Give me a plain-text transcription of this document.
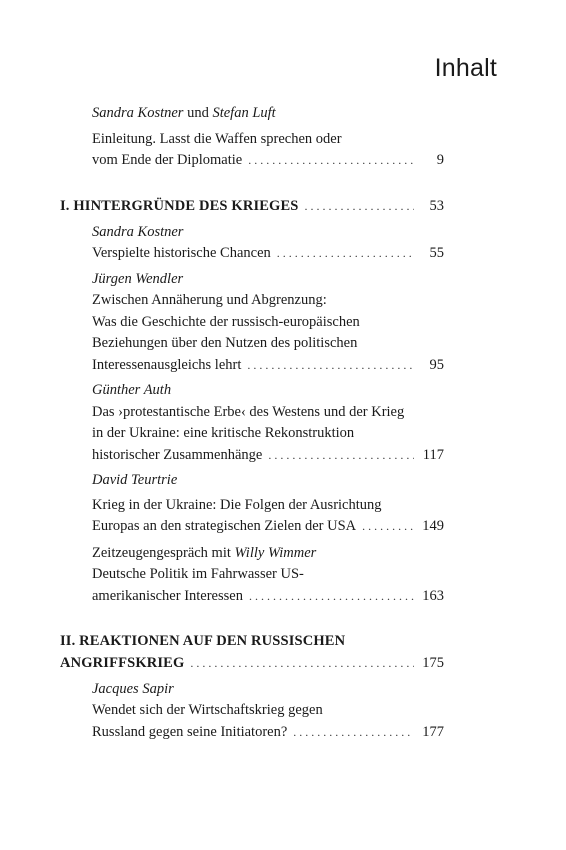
Inhalt
Sandra Kostner und Stefan Luft
Einleitung. Lasst die Waffen sprechen oder
vom Ende der Diplomatie . . .	9
I. HINTERGRÜNDE DES KRIEGES . . .	53
Sandra Kostner
Verspielte historische Chancen . . .	55
Jürgen Wendler
Zwischen Annäherung und Abgrenzung:
Was die Geschichte der russisch-europäischen
Beziehungen über den Nutzen des politischen
Interessenausgleichs lehrt . . .	95
Günther Auth
Das ›protestantische Erbe‹ des Westens und der Krieg
in der Ukraine: eine kritische Rekonstruktion
historischer Zusammenhänge . . .	117
David Teurtrie
Krieg in der Ukraine: Die Folgen der Ausrichtung
Europas an den strategischen Zielen der USA . . .	149
Zeitzeugengespräch mit Willy Wimmer
Deutsche Politik im Fahrwasser US-
amerikanischer Interessen . . .	163
II. REAKTIONEN AUF DEN RUSSISCHEN
ANGRIFFSKRIEG . . .	175
Jacques Sapir
Wendet sich der Wirtschaftskrieg gegen
Russland gegen seine Initiatoren? . . .	177
